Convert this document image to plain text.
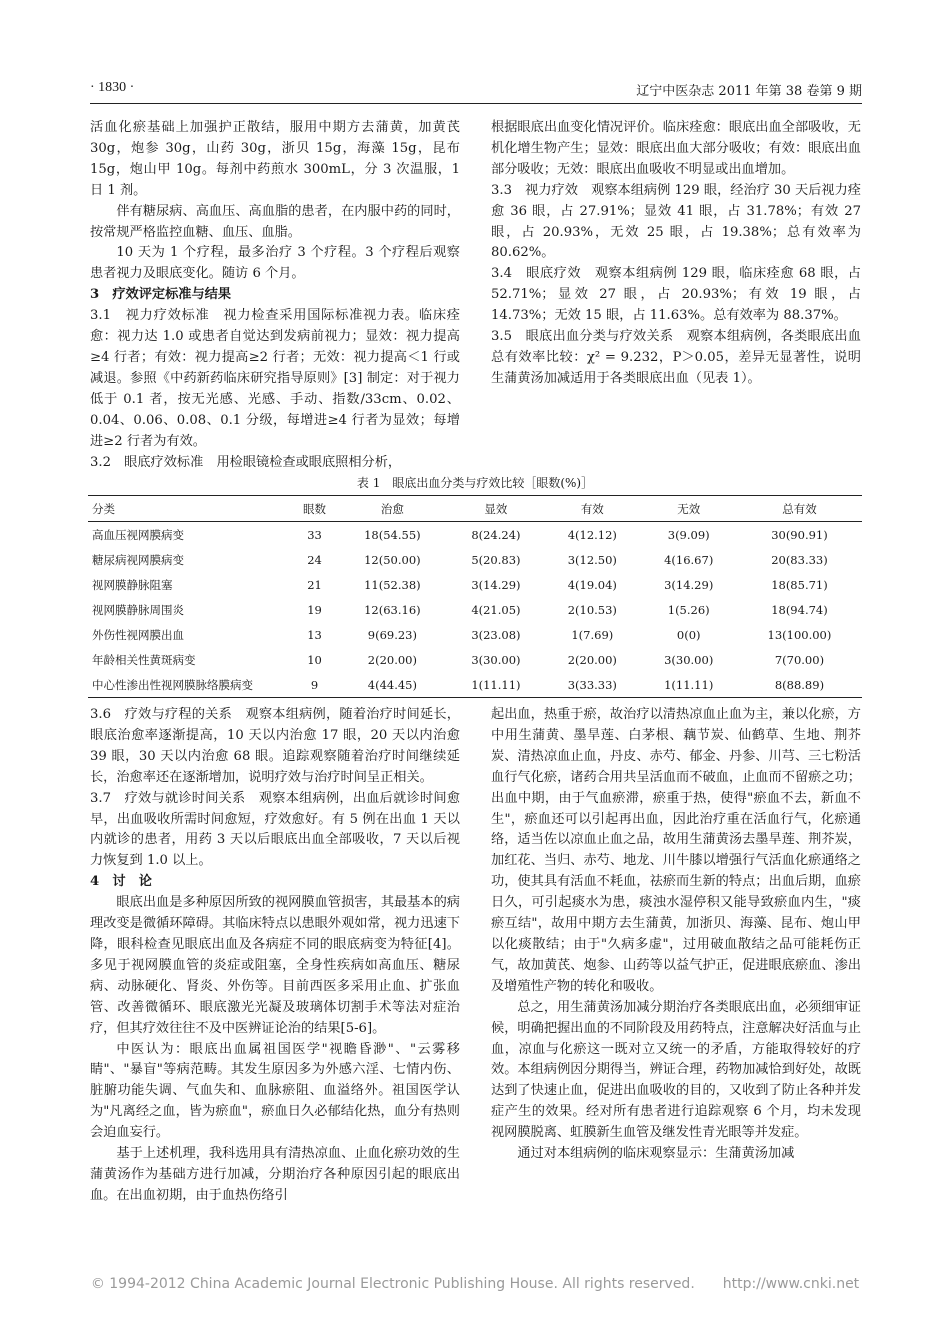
· 1830 ·	辽宁中医杂志 2011 年第 38 卷第 9 期

活血化瘀基础上加强护正散结，服用中期方去蒲黄，加黄芪 30g，炮参 30g，山药 30g，浙贝 15g，海藻 15g，昆布 15g，炮山甲 10g。每剂中药煎水 300mL，分 3 次温服，1 日 1 剂。

伴有糖尿病、高血压、高血脂的患者，在内服中药的同时，按常规严格监控血糖、血压、血脂。

10 天为 1 个疗程，最多治疗 3 个疗程。3 个疗程后观察患者视力及眼底变化。随访 6 个月。

3　疗效评定标准与结果

3.1　视力疗效标准　视力检查采用国际标准视力表。临床痊愈：视力达 1.0 或患者自觉达到发病前视力；显效：视力提高≥4 行者；有效：视力提高≥2 行者；无效：视力提高＜1 行或减退。参照《中药新药临床研究指导原则》[3] 制定：对于视力低于 0.1 者，按无光感、光感、手动、指数/33cm、0.02、0.04、0.06、0.08、0.1 分级，每增进≥4 行者为显效；每增进≥2 行者为有效。

3.2　眼底疗效标准　用检眼镜检查或眼底照相分析，

根据眼底出血变化情况评价。临床痊愈：眼底出血全部吸收，无机化增生物产生；显效：眼底出血大部分吸收；有效：眼底出血部分吸收；无效：眼底出血吸收不明显或出血增加。

3.3　视力疗效　观察本组病例 129 眼，经治疗 30 天后视力痊愈 36 眼，占 27.91%；显效 41 眼，占 31.78%；有效 27 眼，占 20.93%，无效 25 眼，占 19.38%；总有效率为 80.62%。

3.4　眼底疗效　观察本组病例 129 眼，临床痊愈 68 眼，占 52.71%；显效 27 眼，占 20.93%；有效 19 眼，占 14.73%；无效 15 眼，占 11.63%。总有效率为 88.37%。

3.5　眼底出血分类与疗效关系　观察本组病例，各类眼底出血总有效率比较：χ² = 9.232，P＞0.05，差异无显著性，说明生蒲黄汤加减适用于各类眼底出血（见表 1）。

表 1　眼底出血分类与疗效比较［眼数(%)］

分类	眼数	治愈	显效	有效	无效	总有效
高血压视网膜病变	33	18(54.55)	8(24.24)	4(12.12)	3(9.09)	30(90.91)
糖尿病视网膜病变	24	12(50.00)	5(20.83)	3(12.50)	4(16.67)	20(83.33)
视网膜静脉阻塞	21	11(52.38)	3(14.29)	4(19.04)	3(14.29)	18(85.71)
视网膜静脉周围炎	19	12(63.16)	4(21.05)	2(10.53)	1(5.26)	18(94.74)
外伤性视网膜出血	13	9(69.23)	3(23.08)	1(7.69)	0(0)	13(100.00)
年龄相关性黄斑病变	10	2(20.00)	3(30.00)	2(20.00)	3(30.00)	7(70.00)
中心性渗出性视网膜脉络膜病变	9	4(44.45)	1(11.11)	3(33.33)	1(11.11)	8(88.89)

3.6　疗效与疗程的关系　观察本组病例，随着治疗时间延长，眼底治愈率逐渐提高，10 天以内治愈 17 眼，20 天以内治愈 39 眼，30 天以内治愈 68 眼。追踪观察随着治疗时间继续延长，治愈率还在逐渐增加，说明疗效与治疗时间呈正相关。

3.7　疗效与就诊时间关系　观察本组病例，出血后就诊时间愈早，出血吸收所需时间愈短，疗效愈好。有 5 例在出血 1 天以内就诊的患者，用药 3 天以后眼底出血全部吸收，7 天以后视力恢复到 1.0 以上。

4　讨　论

眼底出血是多种原因所致的视网膜血管损害，其最基本的病理改变是微循环障碍。其临床特点以患眼外观如常，视力迅速下降，眼科检查见眼底出血及各病症不同的眼底病变为特征[4]。多见于视网膜血管的炎症或阻塞，全身性疾病如高血压、糖尿病、动脉硬化、肾炎、外伤等。目前西医多采用止血、扩张血管、改善微循环、眼底激光光凝及玻璃体切割手术等法对症治疗，但其疗效往往不及中医辨证论治的结果[5-6]。

中医认为：眼底出血属祖国医学"视瞻昏渺"、"云雾移睛"、"暴盲"等病范畴。其发生原因多为外感六淫、七情内伤、脏腑功能失调、气血失和、血脉瘀阻、血溢络外。祖国医学认为"凡离经之血，皆为瘀血"，瘀血日久必郁结化热，血分有热则会迫血妄行。

基于上述机理，我科选用具有清热凉血、止血化瘀功效的生蒲黄汤作为基础方进行加减，分期治疗各种原因引起的眼底出血。在出血初期，由于血热伤络引

起出血，热重于瘀，故治疗以清热凉血止血为主，兼以化瘀，方中用生蒲黄、墨旱莲、白茅根、藕节炭、仙鹤草、生地、荆芥炭、清热凉血止血，丹皮、赤芍、郁金、丹参、川芎、三七粉活血行气化瘀，诸药合用共呈活血而不破血，止血而不留瘀之功；出血中期，由于气血瘀滞，瘀重于热，使得"瘀血不去，新血不生"，瘀血还可以引起再出血，因此治疗重在活血行气，化瘀通络，适当佐以凉血止血之品，故用生蒲黄汤去墨旱莲、荆芥炭，加红花、当归、赤芍、地龙、川牛膝以增强行气活血化瘀通络之功，使其具有活血不耗血，祛瘀而生新的特点；出血后期，血瘀日久，可引起痰水为患，痰浊水湿停积又能导致瘀血内生，"痰瘀互结"，故用中期方去生蒲黄，加浙贝、海藻、昆布、炮山甲以化痰散结；由于"久病多虚"，过用破血散结之品可能耗伤正气，故加黄芪、炮参、山药等以益气护正，促进眼底瘀血、渗出及增殖性产物的转化和吸收。

总之，用生蒲黄汤加减分期治疗各类眼底出血，必须细审证候，明确把握出血的不同阶段及用药特点，注意解决好活血与止血，凉血与化瘀这一既对立又统一的矛盾，方能取得较好的疗效。本组病例因分期得当，辨证合理，药物加减恰到好处，故既达到了快速止血，促进出血吸收的目的，又收到了防止各种并发症产生的效果。经对所有患者进行追踪观察 6 个月，均未发现视网膜脱离、虹膜新生血管及继发性青光眼等并发症。

通过对本组病例的临床观察显示：生蒲黄汤加减

© 1994-2012 China Academic Journal Electronic Publishing House. All rights reserved.　　http://www.cnki.net
